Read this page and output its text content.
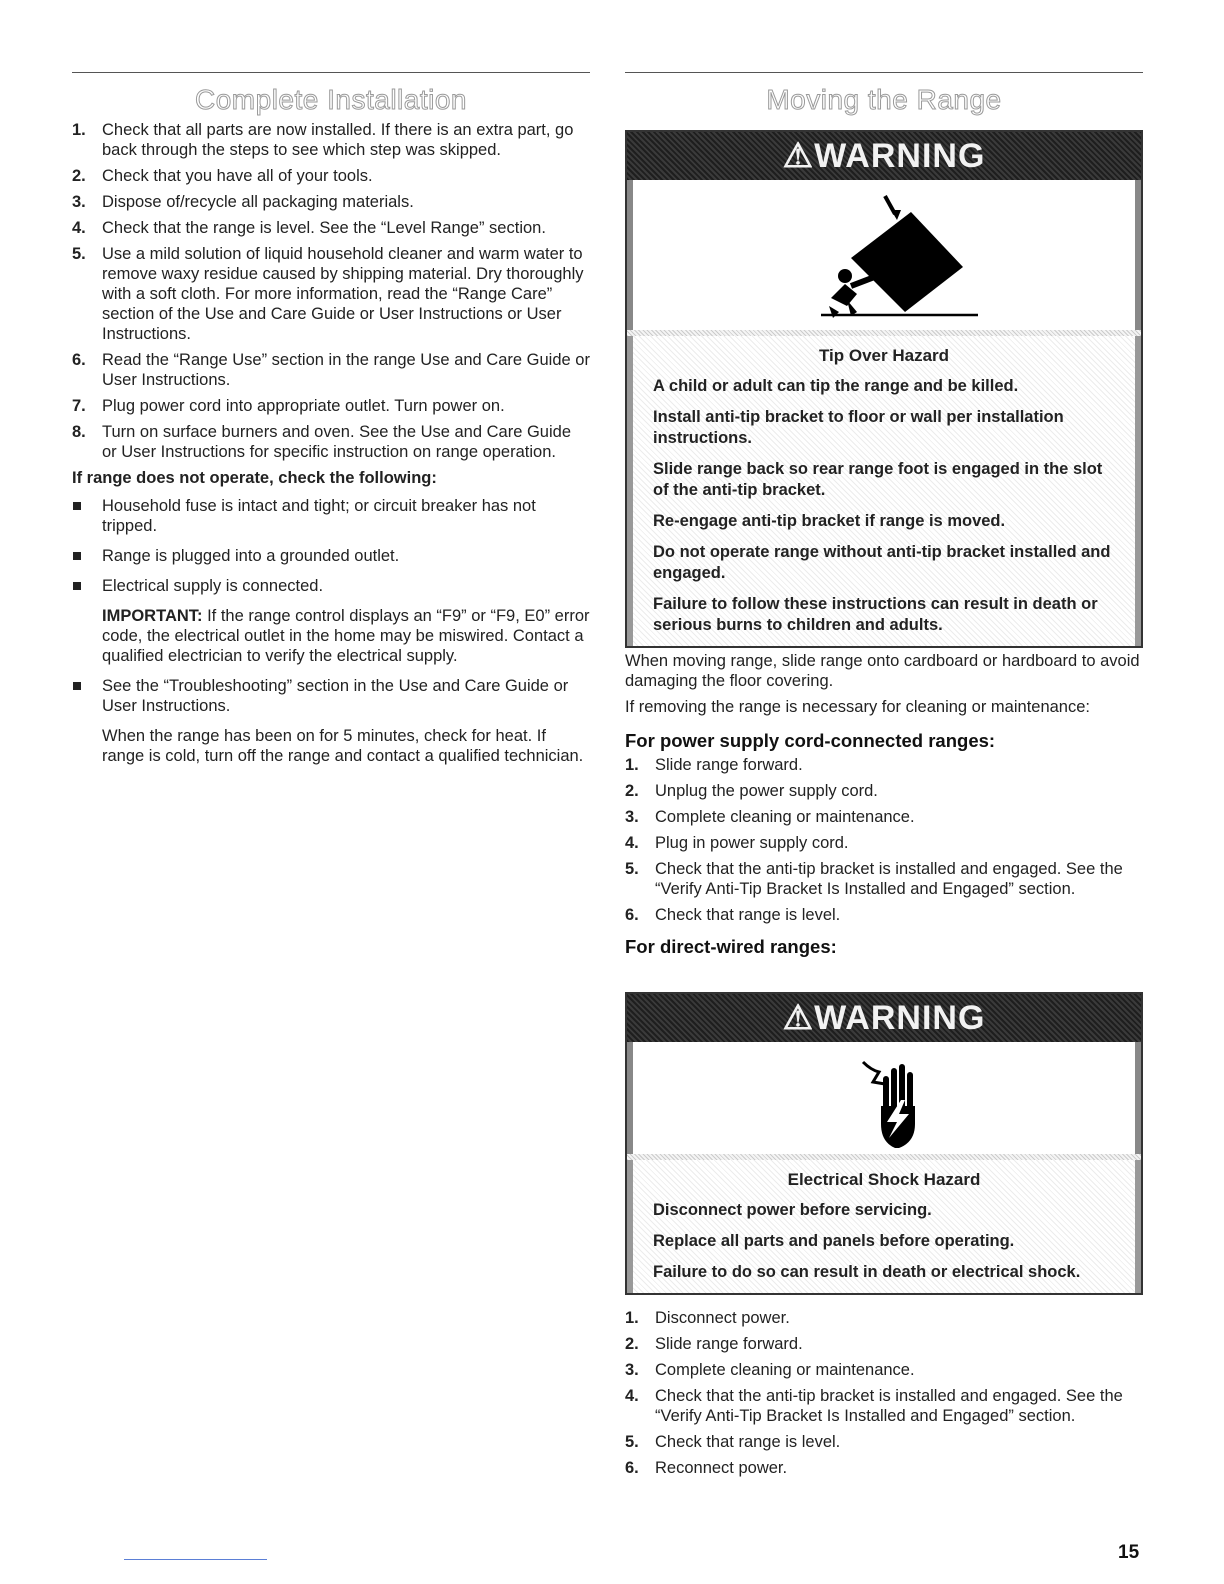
Complete Installation
1. Check that all parts are now installed. If there is an extra part, go back through the steps to see which step was skipped.
2. Check that you have all of your tools.
3. Dispose of/recycle all packaging materials.
4. Check that the range is level. See the “Level Range” section.
5. Use a mild solution of liquid household cleaner and warm water to remove waxy residue caused by shipping material. Dry thoroughly with a soft cloth. For more information, read the “Range Care” section of the Use and Care Guide or User Instructions or User Instructions.
6. Read the “Range Use” section in the range Use and Care Guide or User Instructions.
7. Plug power cord into appropriate outlet. Turn power on.
8. Turn on surface burners and oven. See the Use and Care Guide or User Instructions for specific instruction on range operation.
If range does not operate, check the following:
Household fuse is intact and tight; or circuit breaker has not tripped.
Range is plugged into a grounded outlet.
Electrical supply is connected.

IMPORTANT: If the range control displays an “F9” or “F9, E0” error code, the electrical outlet in the home may be miswired. Contact a qualified electrician to verify the electrical supply.

See the “Troubleshooting” section in the Use and Care Guide or User Instructions.

When the range has been on for 5 minutes, check for heat. If range is cold, turn off the range and contact a qualified technician.

Moving the Range
⚠WARNING
Tip Over Hazard

A child or adult can tip the range and be killed.

Install anti-tip bracket to floor or wall per installation instructions.

Slide range back so rear range foot is engaged in the slot of the anti-tip bracket.

Re-engage anti-tip bracket if range is moved.

Do not operate range without anti-tip bracket installed and engaged.

Failure to follow these instructions can result in death or serious burns to children and adults.

When moving range, slide range onto cardboard or hardboard to avoid damaging the floor covering.

If removing the range is necessary for cleaning or maintenance:

For power supply cord-connected ranges:
1. Slide range forward.
2. Unplug the power supply cord.
3. Complete cleaning or maintenance.
4. Plug in power supply cord.
5. Check that the anti-tip bracket is installed and engaged. See the “Verify Anti-Tip Bracket Is Installed and Engaged” section.
6. Check that range is level.
For direct-wired ranges:
⚠WARNING
Electrical Shock Hazard

Disconnect power before servicing.

Replace all parts and panels before operating.

Failure to do so can result in death or electrical shock.

1. Disconnect power.
2. Slide range forward.
3. Complete cleaning or maintenance.
4. Check that the anti-tip bracket is installed and engaged. See the “Verify Anti-Tip Bracket Is Installed and Engaged” section.
5. Check that range is level.
6. Reconnect power.
15
